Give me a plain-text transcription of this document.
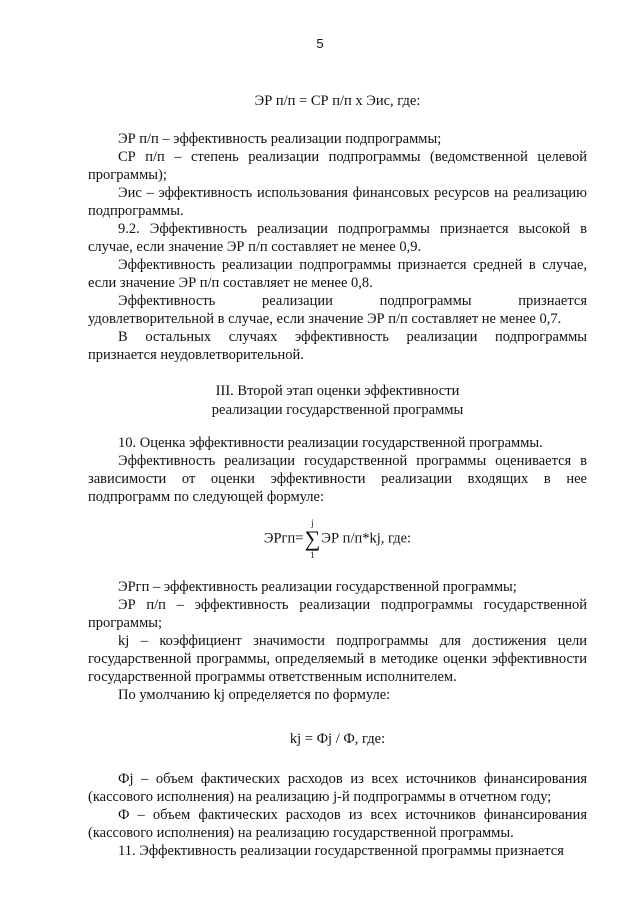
5

ЭР п/п = СР п/п х Эис, где:

ЭР п/п – эффективность реализации подпрограммы;

СР п/п – степень реализации подпрограммы (ведомственной целевой программы);

Эис – эффективность использования финансовых ресурсов на реализацию подпрограммы.

9.2. Эффективность реализации подпрограммы признается высокой в случае, если значение ЭР п/п составляет не менее 0,9.

Эффективность реализации подпрограммы признается средней в случае, если значение ЭР п/п составляет не менее 0,8.

Эффективность реализации подпрограммы признается удовлетворительной в случае, если значение ЭР п/п составляет не менее 0,7.

В остальных случаях эффективность реализации подпрограммы признается неудовлетворительной.

III. Второй этап оценки эффективности
реализации государственной программы

10. Оценка эффективности реализации государственной программы.

Эффективность реализации государственной программы оценивается в зависимости от оценки эффективности реализации входящих в нее подпрограмм по следующей формуле:

ЭРгп=
j
∑
1
ЭР п/п*kj, где:

ЭРгп – эффективность реализации государственной программы;

ЭР п/п – эффективность реализации подпрограммы государственной программы;

kj – коэффициент значимости подпрограммы для достижения цели государственной программы, определяемый в методике оценки эффективности государственной программы ответственным исполнителем.

По умолчанию kj определяется по формуле:

kj = Фj / Ф, где:

Фj – объем фактических расходов из всех источников финансирования (кассового исполнения) на реализацию j-й подпрограммы в отчетном году;

Ф – объем фактических расходов из всех источников финансирования (кассового исполнения) на реализацию государственной программы.

11. Эффективность реализации государственной программы признается
